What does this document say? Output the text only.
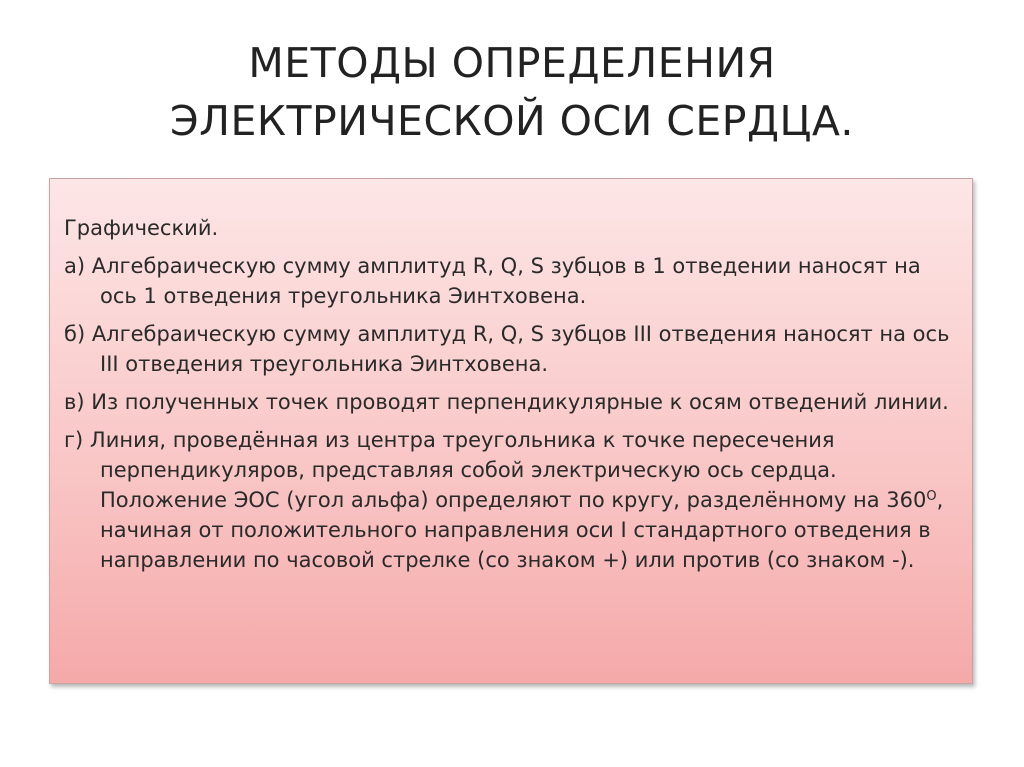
МЕТОДЫ ОПРЕДЕЛЕНИЯ
ЭЛЕКТРИЧЕСКОЙ ОСИ СЕРДЦА.

Графический.

а) Алгебраическую сумму амплитуд R, Q, S зубцов в 1 отведении наносят на ось 1 отведения треугольника Эинтховена.

б) Алгебраическую сумму амплитуд R, Q, S зубцов III отведения наносят на ось III отведения треугольника Эинтховена.

в) Из полученных точек проводят перпендикулярные к осям отведений линии.

г) Линия, проведённая из центра треугольника к точке пересечения перпендикуляров, представляя собой электрическую ось сердца. Положение ЭОС (угол альфа) определяют по кругу, разделённому на $360^О$, начиная от положительного направления оси I стандартного отведения в направлении по часовой стрелке (со знаком +) или против (со знаком -).
